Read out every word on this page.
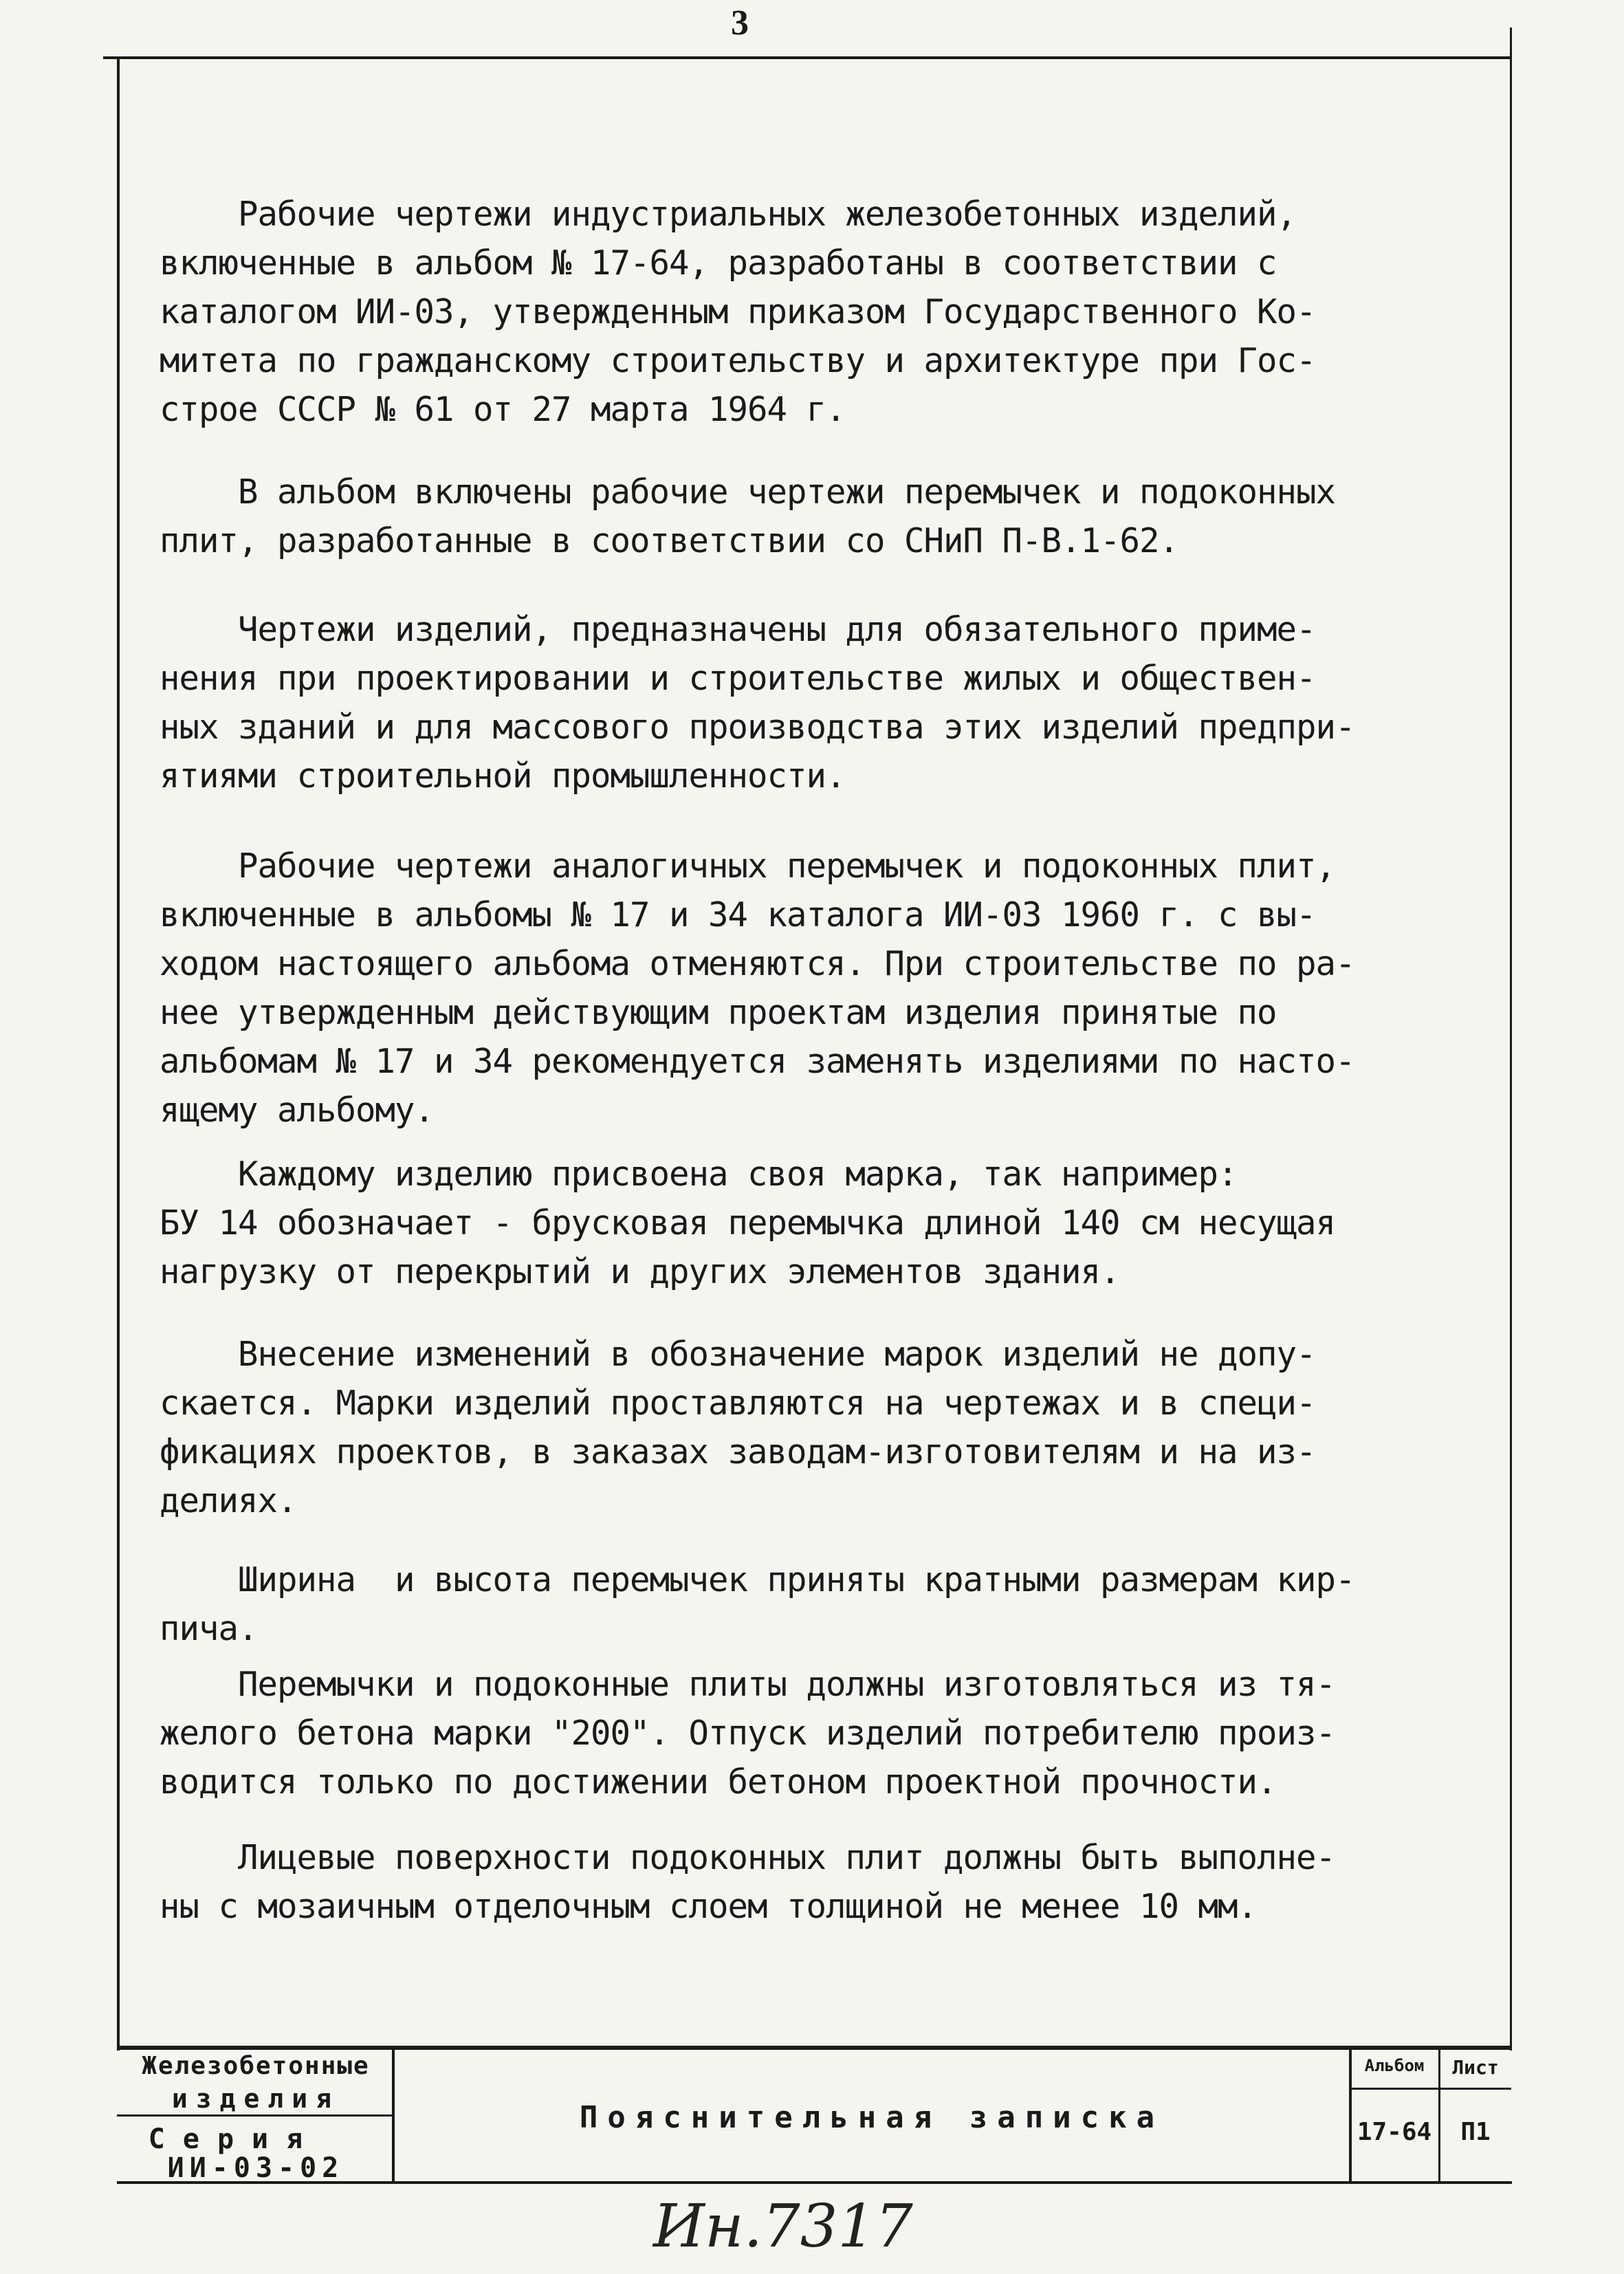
3

Рабочие чертежи индустриальных железобетонных изделий,
включенные в альбом № 17-64, разработаны в соответствии с
каталогом ИИ-03, утвержденным приказом Государственного Ко-
митета по гражданскому строительству и архитектуре при Гос-
строе СССР № 61 от 27 марта 1964 г.

В альбом включены рабочие чертежи перемычек и подоконных
плит, разработанные в соответствии со СНиП П-В.1-62.

Чертежи изделий, предназначены для обязательного приме-
нения при проектировании и строительстве жилых и обществен-
ных зданий и для массового производства этих изделий предпри-
ятиями строительной промышленности.

Рабочие чертежи аналогичных перемычек и подоконных плит,
включенные в альбомы № 17 и 34 каталога ИИ-03 1960 г. с вы-
ходом настоящего альбома отменяются. При строительстве по ра-
нее утвержденным действующим проектам изделия принятые по
альбомам № 17 и 34 рекомендуется заменять изделиями по насто-
ящему альбому.

Каждому изделию присвоена своя марка, так например:
БУ 14 обозначает - брусковая перемычка длиной 140 см несущая
нагрузку от перекрытий и других элементов здания.

Внесение изменений в обозначение марок изделий не допу-
скается. Марки изделий проставляются на чертежах и в специ-
фикациях проектов, в заказах заводам-изготовителям и на из-
делиях.

Ширина  и высота перемычек приняты кратными размерам кир-
пича.

Перемычки и подоконные плиты должны изготовляться из тя-
желого бетона марки "200". Отпуск изделий потребителю произ-
водится только по достижении бетоном проектной прочности.

Лицевые поверхности подоконных плит должны быть выполне-
ны с мозаичным отделочным слоем толщиной не менее 10 мм.

Железобетонные
изделия
Серия
ИИ-03-02
Пояснительная записка
Альбом	Лист
17-64	П1
Ин.7317
